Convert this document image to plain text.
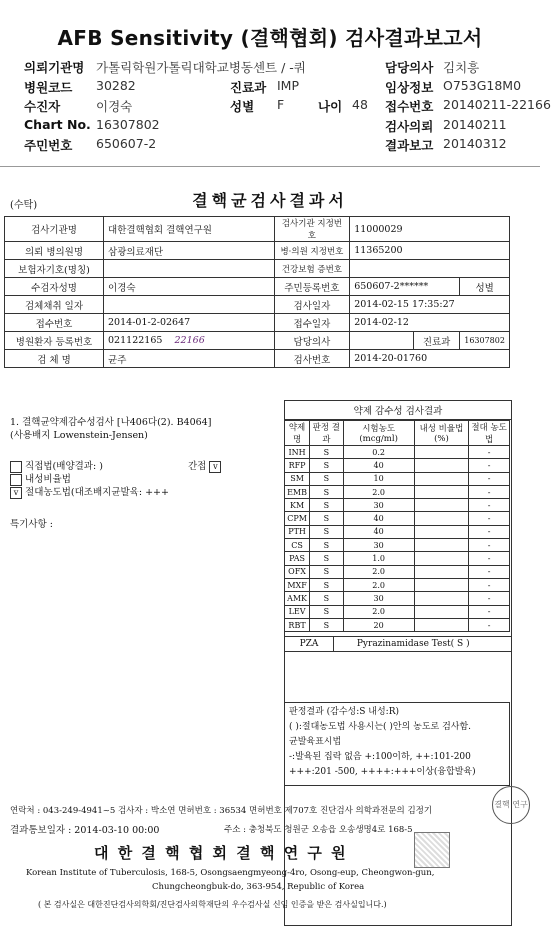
AFB Sensitivity (결핵협회) 검사결과보고서
의뢰기관명 가톨릭학원가톨릭대학교병동센트 / -쿼
병원코드 30282
수진자	이경숙
Chart No. 16307802
주민번호 650607-2
진료과 IMP
성별 F	나이 48
담당의사 김치흥
임상정보 O753G18M0
접수번호 20140211-22166
검사의뢰 20140211
결과보고 20140312
결핵균검사결과서
(수탁)
검사기관명	대한결핵협회 결핵연구원	검사기관 지정번호	11000029		
의뢰 병의원명	삼광의료재단	병·의원 지정번호	11365200		
보험자기호(명칭)		건강보험 증번호			
수검자성명	이경숙	주민등록번호	650607-2******		성별
검체채취 일자		검사일자	2014-02-15 17:35:27		
접수번호	2014-01-2-02647	접수일자	2014-02-12		
병원환자 등록번호	021122165 22166	담당의사		진료과	16307802
검 체 명	균주	검사번호	2014-20-01760		
1. 결핵균약제감수성검사 [나406다(2). B4064]
(사용배지 Lowenstein-Jensen)
직접법(배양결과: )	간접 v
내성비율법
v 절대농도법(대조배지균발육: +++
특기사항 :
약제 감수성 검사결과
약제명	판정 결과	시험농도 (mcg/ml)	내성 비율법(%)	절대 농도법
INH	S	0.2		-
RFP	S	40		-
SM	S	10		-
EMB	S	2.0		-
KM	S	30		-
CPM	S	40		-
PTH	S	40		-
CS	S	30		-
PAS	S	1.0		-
OFX	S	2.0		-
MXF	S	2.0		-
AMK	S	30		-
LEV	S	2.0		-
RBT	S	20		-
PZA	Pyrazinamidase Test( S )
판정결과 (감수성:S 내성:R)
( ):절대농도법 사용시는( )안의 농도로 검사함.
균발육표시법
-:발육된 집락 없음 +:100이하, ++:101-200
+++:201 -500, ++++:+++이상(융합발육)
연락처 : 043-249-4941~5 검사자 : 박소연 면허번호 : 36534 면허번호 제707호 진단검사 의학과전문의 김정기
결과통보일자 : 2014-03-10 00:00	주소 : 충청북도 청원군 오송읍 오송생명4로 168-5
대 한 결 핵 협 회 결 핵 연 구 원
Korean Institute of Tuberculosis, 168-5, Osongsaengmyeong-4ro, Osong-eup, Cheongwon-gun,
Chungcheongbuk-do, 363-954, Republic of Korea
( 본 검사실은 대한진단검사의학회/진단검사의학재단의 우수검사실 신임 인증을 받은 검사실입니다.)
결핵 연구
